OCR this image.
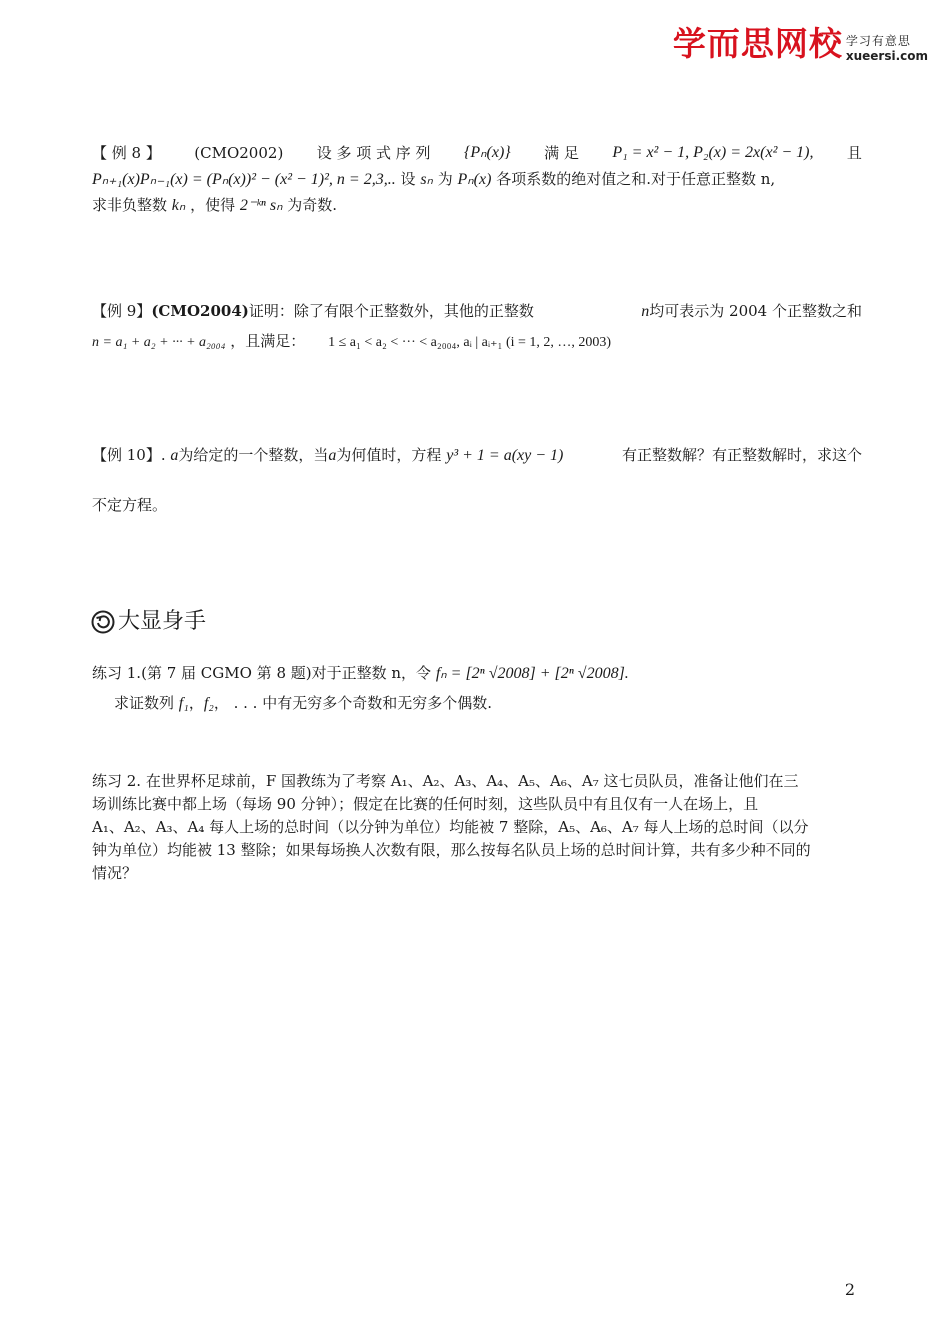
学而思网校 学习有意思
xueersi.com
【 例 8 】 (CMO2002) 设 多 项 式 序 列 {Pₙ(x)} 满 足 P₁ = x² − 1, P₂(x) = 2x(x² − 1), 且
Pₙ₊₁(x)Pₙ₋₁(x) = (Pₙ(x))² − (x² − 1)², n = 2,3,.. 设 sₙ 为 Pₙ(x) 各项系数的绝对值之和.对于任意正整数 n,
求非负整数 kₙ ，使得 2⁻ᵏⁿ sₙ 为奇数.
【例 9】(CMO2004)证明：除了有限个正整数外，其他的正整数	n均可表示为 2004 个正整数之和
n = a₁ + a₂ + ··· + a₂₀₀₄ ，且满足： 1 ≤ a₁ < a₂ < ··· < a₂₀₀₄, aᵢ | aᵢ₊₁ (i = 1, 2, …, 2003)
【例 10】. a为给定的一个整数，当a为何值时，方程 y³ + 1 = a(xy − 1)	有正整数解？有正整数解时，求这个
不定方程。
大显身手
练习 1.(第 7 届 CGMO 第 8 题)对于正整数 n，令 fₙ = [2ⁿ √2008] + [2ⁿ √2008].
求证数列 f₁，f₂， . . . 中有无穷多个奇数和无穷多个偶数.
练习 2. 在世界杯足球前，F 国教练为了考察 A₁、A₂、A₃、A₄、A₅、A₆、A₇ 这七员队员，准备让他们在三
场训练比赛中都上场（每场 90 分钟）；假定在比赛的任何时刻，这些队员中有且仅有一人在场上，且
A₁、A₂、A₃、A₄ 每人上场的总时间（以分钟为单位）均能被 7 整除，A₅、A₆、A₇ 每人上场的总时间（以分
钟为单位）均能被 13 整除；如果每场换人次数有限，那么按每名队员上场的总时间计算，共有多少种不同的
情况？
2
